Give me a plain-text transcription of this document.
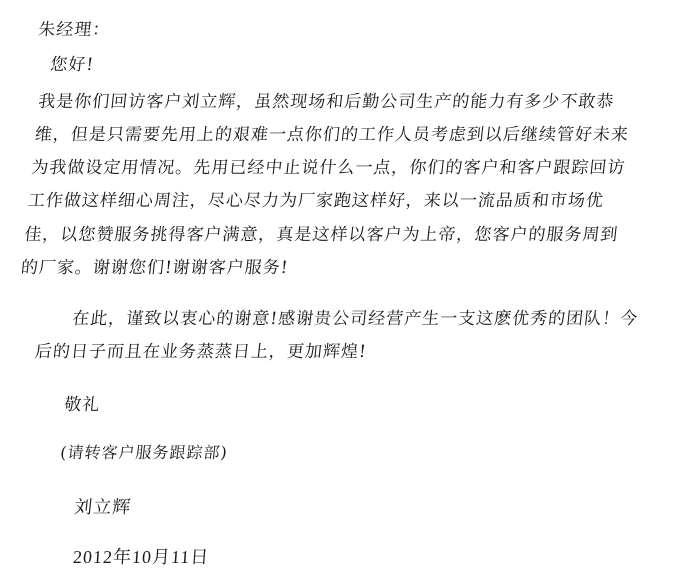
朱经理：
您好!
我是你们回访客户刘立辉，虽然现场和后勤公司生产的能力有多少不敢恭维，但是只需要先用上的艰难一点你们的工作人员考虑到以后继续管好未来为我做设定用情况。先用已经中止说什么一点，你们的客户和客户跟踪回访工作做这样细心周注，尽心尽力为厂家跑这样好，来以一流品质和市场优佳，以您赞服务挑得客户满意，真是这样以客户为上帝，您客户的服务周到的厂家。谢谢您们!谢谢客户服务!
在此，谨致以衷心的谢意!感谢贵公司经营产生一支这麽优秀的团队！今后的日子而且在业务蒸蒸日上，更加辉煌!
敬礼
(请转客户服务跟踪部)
刘立辉
2012年10月11日
